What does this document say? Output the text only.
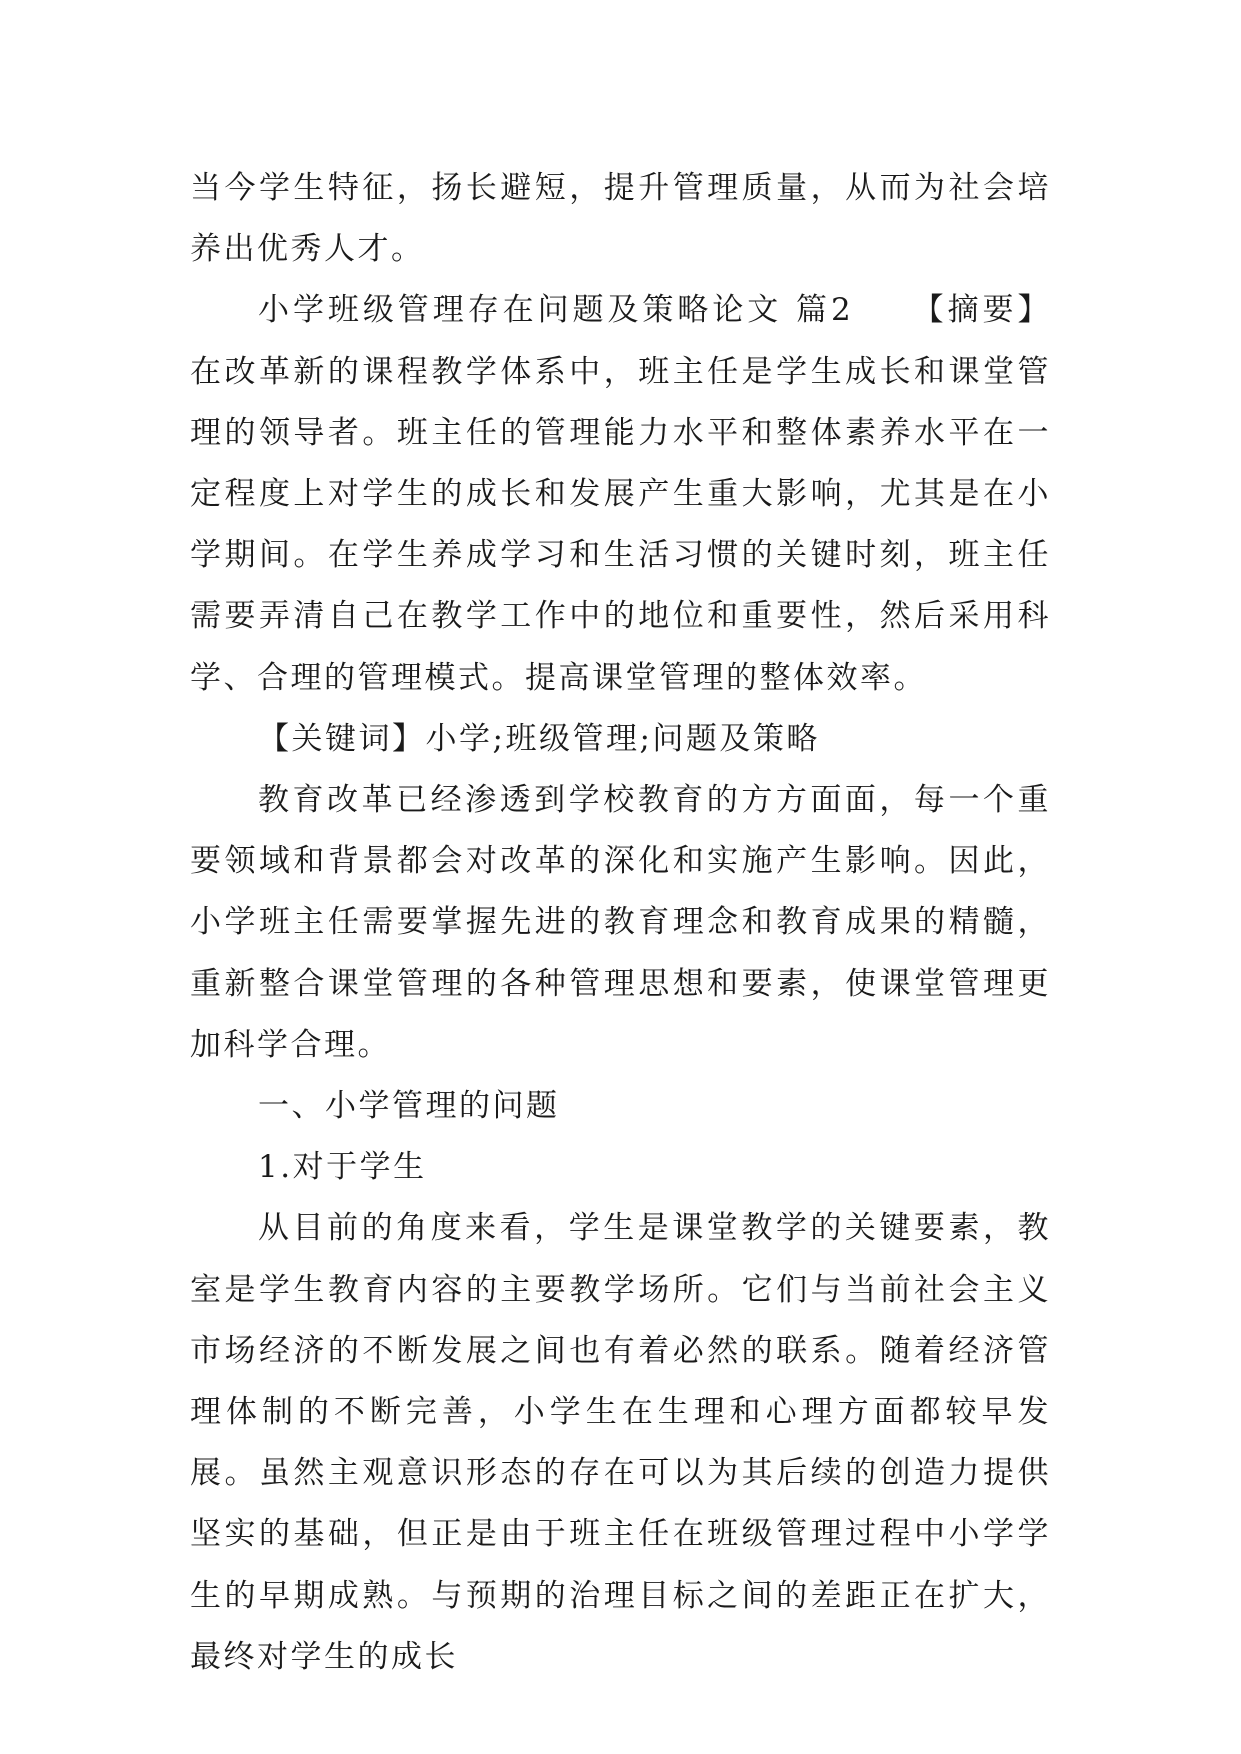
当今学生特征，扬长避短，提升管理质量，从而为社会培养出优秀人才。

小学班级管理存在问题及策略论文 篇2 【摘要】在改革新的课程教学体系中，班主任是学生成长和课堂管理的领导者。班主任的管理能力水平和整体素养水平在一定程度上对学生的成长和发展产生重大影响，尤其是在小学期间。在学生养成学习和生活习惯的关键时刻，班主任需要弄清自己在教学工作中的地位和重要性，然后采用科学、合理的管理模式。提高课堂管理的整体效率。

【关键词】小学;班级管理;问题及策略

教育改革已经渗透到学校教育的方方面面，每一个重要领域和背景都会对改革的深化和实施产生影响。因此，小学班主任需要掌握先进的教育理念和教育成果的精髓，重新整合课堂管理的各种管理思想和要素，使课堂管理更加科学合理。

一、小学管理的问题

1.对于学生

从目前的角度来看，学生是课堂教学的关键要素，教室是学生教育内容的主要教学场所。它们与当前社会主义市场经济的不断发展之间也有着必然的联系。随着经济管理体制的不断完善，小学生在生理和心理方面都较早发展。虽然主观意识形态的存在可以为其后续的创造力提供坚实的基础，但正是由于班主任在班级管理过程中小学学生的早期成熟。与预期的治理目标之间的差距正在扩大，最终对学生的成长
